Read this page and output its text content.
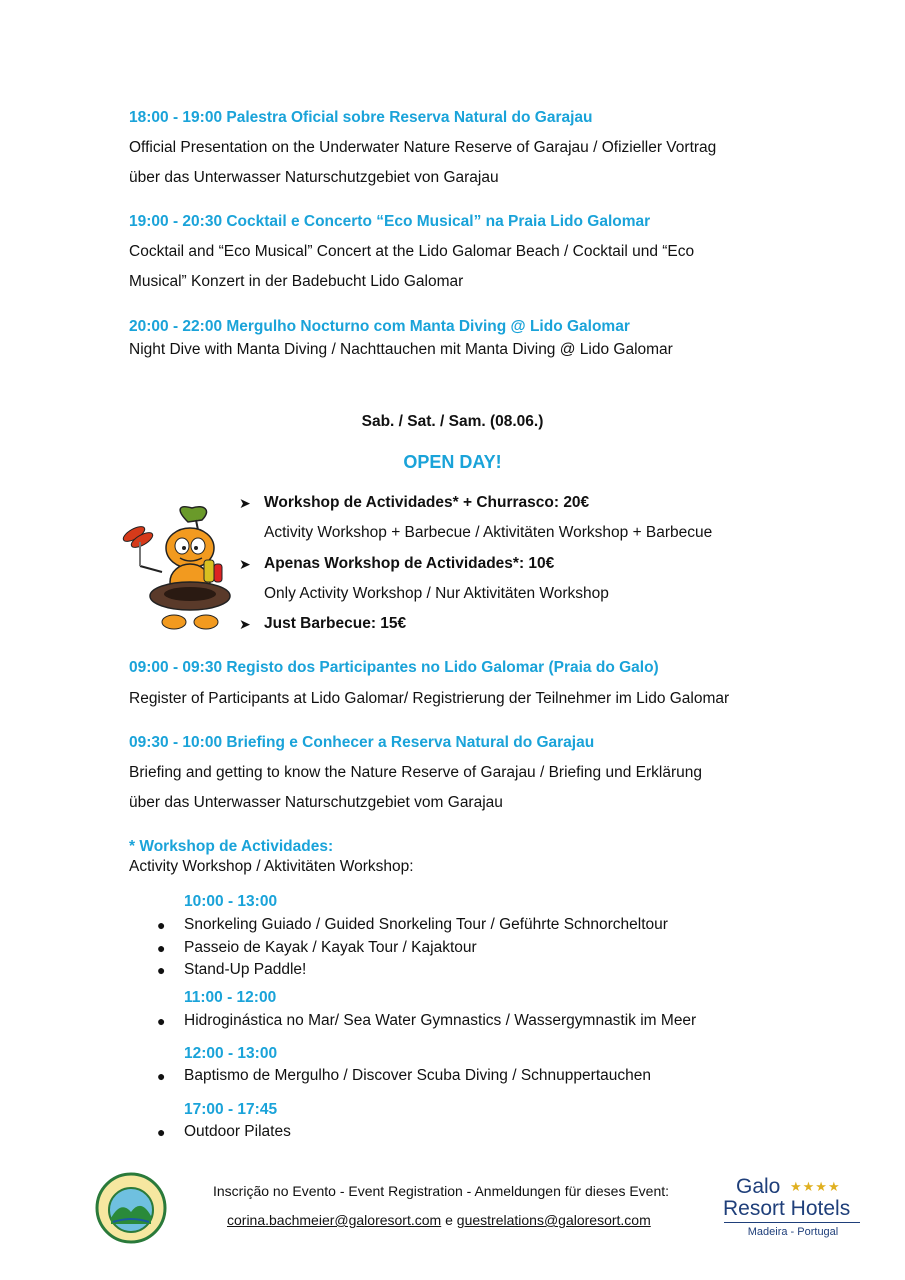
18:00 - 19:00 Palestra Oficial sobre Reserva Natural do Garajau
Official Presentation on the Underwater Nature Reserve of Garajau / Ofizieller Vortrag
über das Unterwasser Naturschutzgebiet von Garajau
19:00 - 20:30 Cocktail e Concerto “Eco Musical” na Praia Lido Galomar
Cocktail and “Eco Musical” Concert at the Lido Galomar Beach / Cocktail und “Eco
Musical” Konzert in der Badebucht Lido Galomar
20:00 - 22:00 Mergulho Nocturno com Manta Diving @ Lido Galomar
Night Dive with Manta Diving / Nachttauchen mit Manta Diving @ Lido Galomar
Sab. / Sat. / Sam. (08.06.)
OPEN DAY!
➤ Workshop de Actividades* + Churrasco: 20€
Activity Workshop + Barbecue / Aktivitäten Workshop + Barbecue
➤ Apenas Workshop de Actividades*: 10€
Only Activity Workshop / Nur Aktivitäten Workshop
➤ Just Barbecue: 15€
09:00 - 09:30 Registo dos Participantes no Lido Galomar (Praia do Galo)
Register of Participants at Lido Galomar/ Registrierung der Teilnehmer im Lido Galomar
09:30 - 10:00 Briefing e Conhecer a Reserva Natural do Garajau
Briefing and getting to know the Nature Reserve of Garajau / Briefing und Erklärung
über das Unterwasser Naturschutzgebiet vom Garajau
* Workshop de Actividades:
Activity Workshop / Aktivitäten Workshop:
10:00 - 13:00
● Snorkeling Guiado / Guided Snorkeling Tour / Geführte Schnorcheltour
● Passeio de Kayak / Kayak Tour / Kajaktour
● Stand-Up Paddle!
11:00 - 12:00
● Hidroginástica no Mar/ Sea Water Gymnastics / Wassergymnastik im Meer
12:00 - 13:00
● Baptismo de Mergulho / Discover Scuba Diving / Schnuppertauchen
17:00 - 17:45
● Outdoor Pilates
Inscrição no Evento - Event Registration - Anmeldungen für dieses Event:
corina.bachmeier@galoresort.com e guestrelations@galoresort.com
Galo ★★★★
Resort Hotels
Madeira - Portugal
